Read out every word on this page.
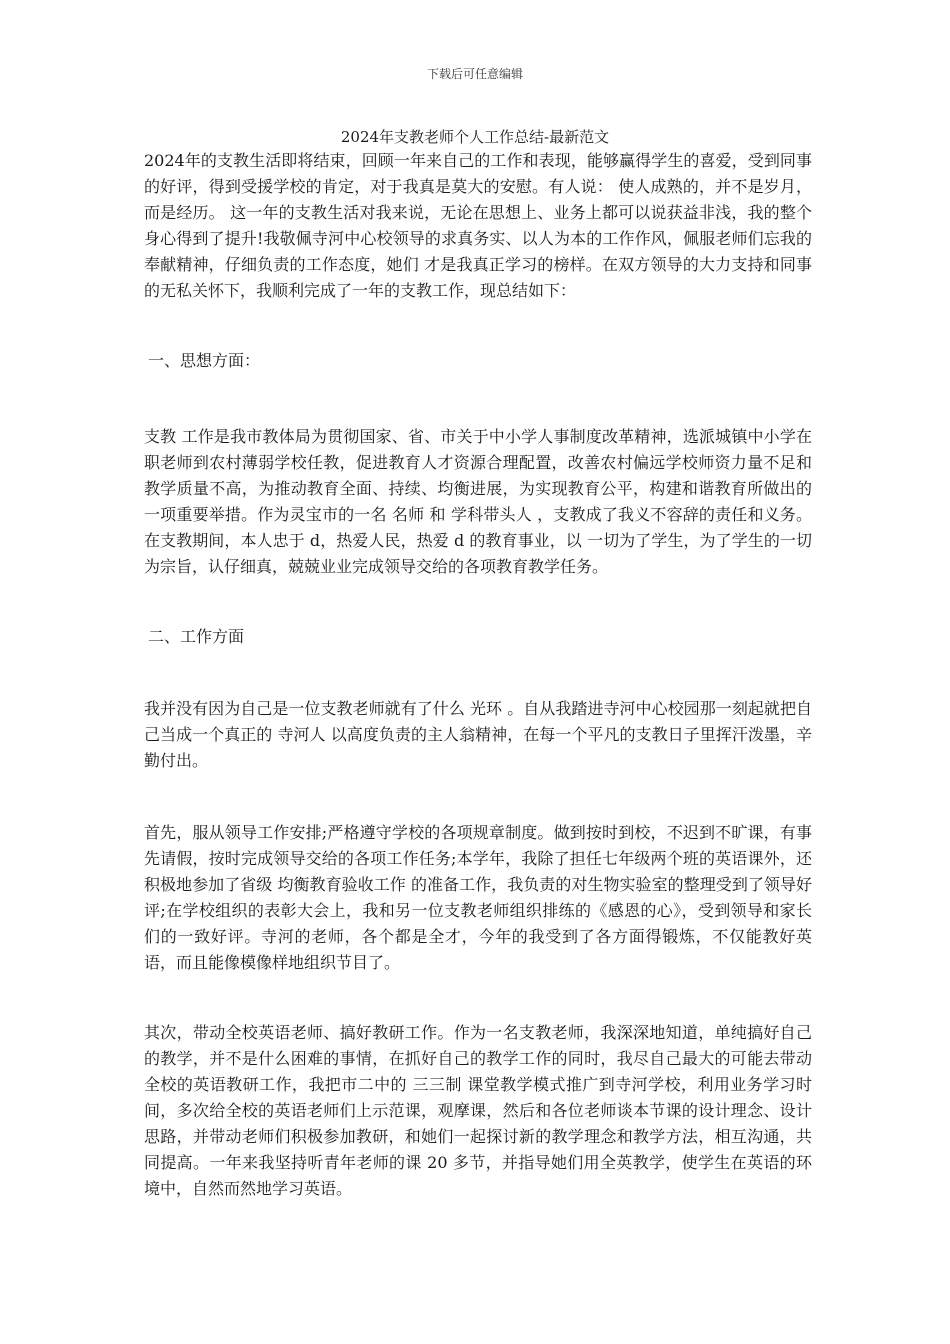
下载后可任意编辑
2024年支教老师个人工作总结-最新范文

2024年的支教生活即将结束，回顾一年来自己的工作和表现，能够赢得学生的喜爱，受到同事的好评，得到受援学校的肯定，对于我真是莫大的安慰。有人说： 使人成熟的，并不是岁月，而是经历。 这一年的支教生活对我来说，无论在思想上、业务上都可以说获益非浅，我的整个身心得到了提升!我敬佩寺河中心校领导的求真务实、以人为本的工作作风，佩服老师们忘我的奉献精神，仔细负责的工作态度，她们 才是我真正学习的榜样。在双方领导的大力支持和同事的无私关怀下，我顺利完成了一年的支教工作，现总结如下：

一、思想方面：

支教 工作是我市教体局为贯彻国家、省、市关于中小学人事制度改革精神，选派城镇中小学在职老师到农村薄弱学校任教，促进教育人才资源合理配置，改善农村偏远学校师资力量不足和教学质量不高，为推动教育全面、持续、均衡进展，为实现教育公平，构建和谐教育所做出的一项重要举措。作为灵宝市的一名 名师 和 学科带头人 ，支教成了我义不容辞的责任和义务。在支教期间，本人忠于 d，热爱人民，热爱 d 的教育事业，以 一切为了学生，为了学生的一切 为宗旨，认仔细真，兢兢业业完成领导交给的各项教育教学任务。

二、工作方面

我并没有因为自己是一位支教老师就有了什么 光环 。自从我踏进寺河中心校园那一刻起就把自己当成一个真正的 寺河人 以高度负责的主人翁精神，在每一个平凡的支教日子里挥汗泼墨，辛勤付出。

首先，服从领导工作安排;严格遵守学校的各项规章制度。做到按时到校，不迟到不旷课，有事先请假，按时完成领导交给的各项工作任务;本学年，我除了担任七年级两个班的英语课外，还积极地参加了省级 均衡教育验收工作 的准备工作，我负责的对生物实验室的整理受到了领导好评;在学校组织的表彰大会上，我和另一位支教老师组织排练的《感恩的心》，受到领导和家长们的一致好评。寺河的老师，各个都是全才，今年的我受到了各方面得锻炼，不仅能教好英语，而且能像模像样地组织节目了。

其次，带动全校英语老师、搞好教研工作。作为一名支教老师，我深深地知道，单纯搞好自己的教学，并不是什么困难的事情，在抓好自己的教学工作的同时，我尽自己最大的可能去带动全校的英语教研工作，我把市二中的 三三制 课堂教学模式推广到寺河学校，利用业务学习时间，多次给全校的英语老师们上示范课，观摩课，然后和各位老师谈本节课的设计理念、设计思路，并带动老师们积极参加教研，和她们一起探讨新的教学理念和教学方法，相互沟通，共同提高。一年来我坚持听青年老师的课 20 多节，并指导她们用全英教学，使学生在英语的环境中，自然而然地学习英语。
